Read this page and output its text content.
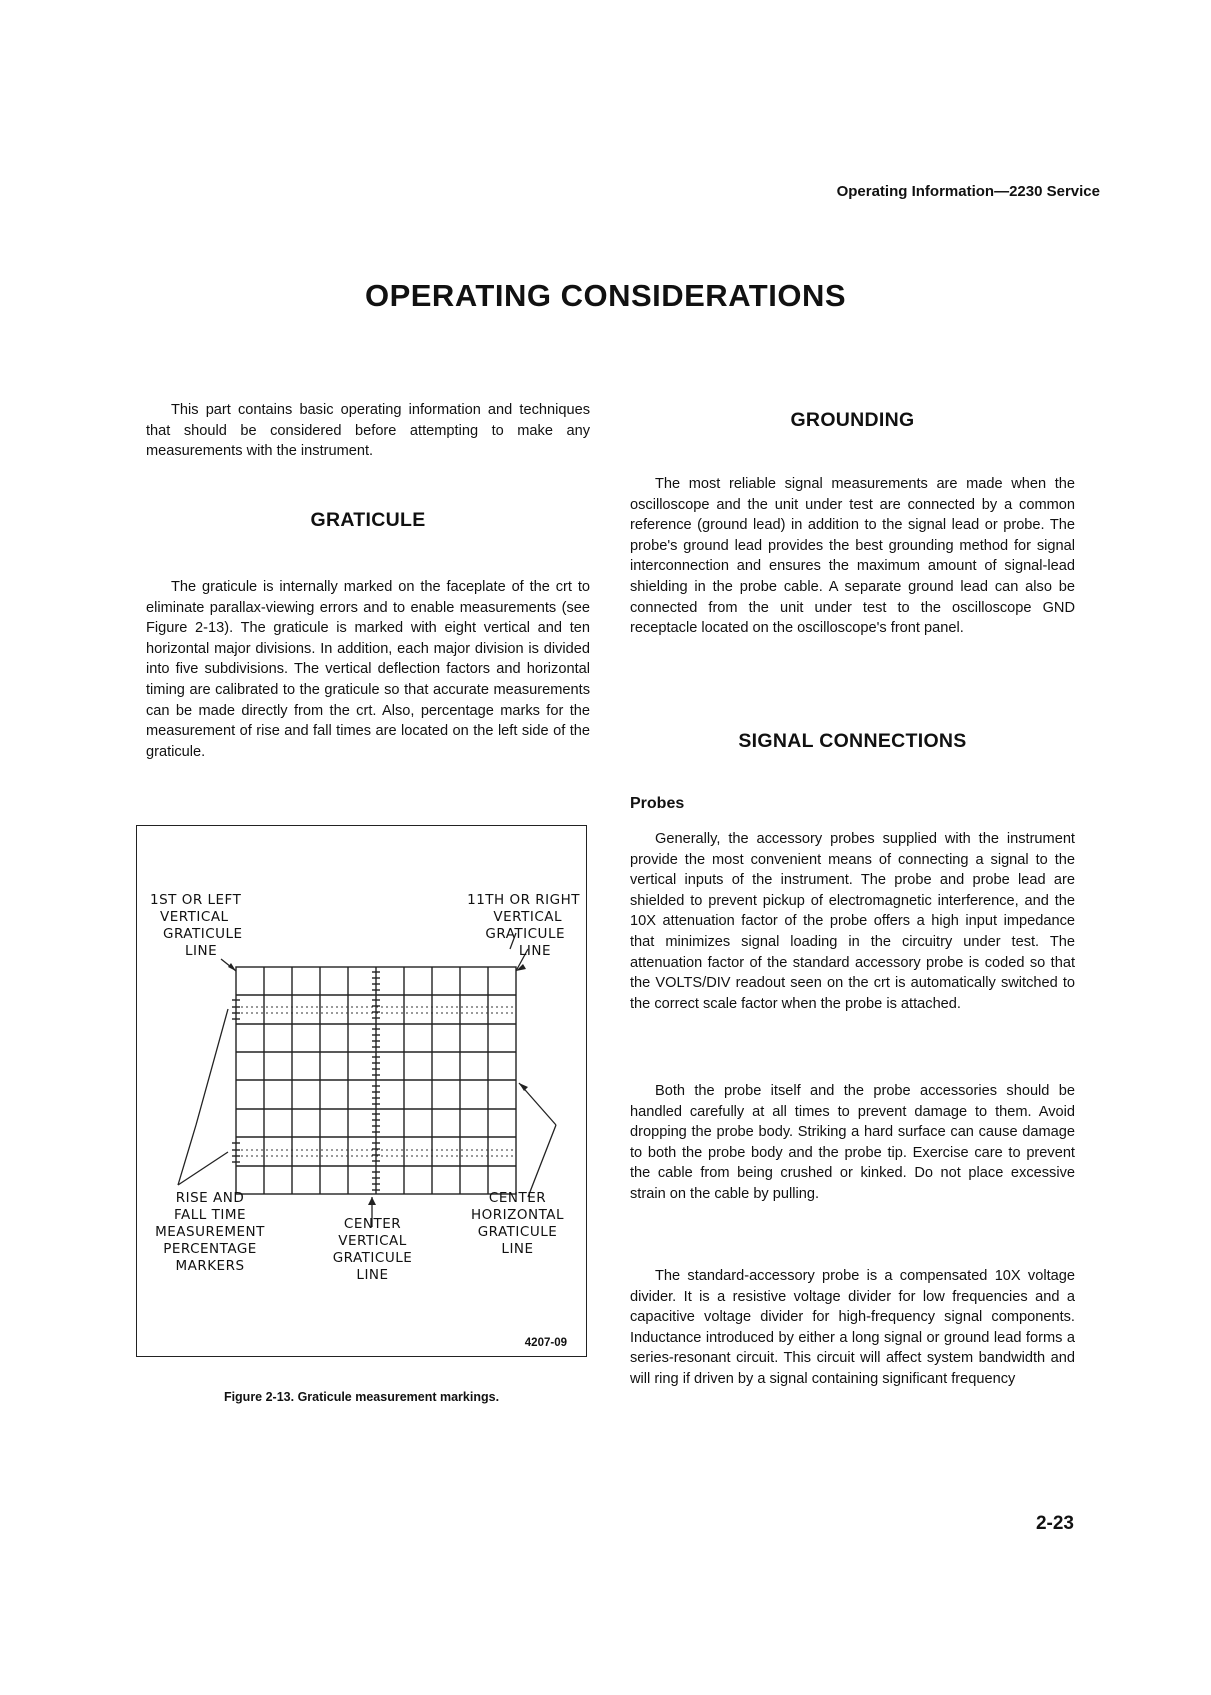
Operating Information—2230 Service
OPERATING CONSIDERATIONS

This part contains basic operating information and techniques that should be considered before attempting to make any measurements with the instrument.

GRATICULE

The graticule is internally marked on the faceplate of the crt to eliminate parallax-viewing errors and to enable measurements (see Figure 2-13). The graticule is marked with eight vertical and ten horizontal major divisions. In addition, each major division is divided into five subdivisions. The vertical deflection factors and horizontal timing are calibrated to the graticule so that accurate measurements can be made directly from the crt. Also, percentage marks for the measurement of rise and fall times are located on the left side of the graticule.

1ST OR LEFT
VERTICAL
GRATICULE
LINE
11TH OR RIGHT
VERTICAL
GRATICULE
LINE
RISE AND
FALL TIME
MEASUREMENT
PERCENTAGE
MARKERS
CENTER
VERTICAL
GRATICULE
LINE
CENTER
HORIZONTAL
GRATICULE
LINE
4207-09
Figure 2-13. Graticule measurement markings.
GROUNDING

The most reliable signal measurements are made when the oscilloscope and the unit under test are connected by a common reference (ground lead) in addition to the signal lead or probe. The probe's ground lead provides the best grounding method for signal interconnection and ensures the maximum amount of signal-lead shielding in the probe cable. A separate ground lead can also be connected from the unit under test to the oscilloscope GND receptacle located on the oscilloscope's front panel.

SIGNAL CONNECTIONS
Probes

Generally, the accessory probes supplied with the instrument provide the most convenient means of connecting a signal to the vertical inputs of the instrument. The probe and probe lead are shielded to prevent pickup of electromagnetic interference, and the 10X attenuation factor of the probe offers a high input impedance that minimizes signal loading in the circuitry under test. The attenuation factor of the standard accessory probe is coded so that the VOLTS/DIV readout seen on the crt is automatically switched to the correct scale factor when the probe is attached.

Both the probe itself and the probe accessories should be handled carefully at all times to prevent damage to them. Avoid dropping the probe body. Striking a hard surface can cause damage to both the probe body and the probe tip. Exercise care to prevent the cable from being crushed or kinked. Do not place excessive strain on the cable by pulling.

The standard-accessory probe is a compensated 10X voltage divider. It is a resistive voltage divider for low frequencies and a capacitive voltage divider for high-frequency signal components. Inductance introduced by either a long signal or ground lead forms a series-resonant circuit. This circuit will affect system bandwidth and will ring if driven by a signal containing significant frequency

2-23
